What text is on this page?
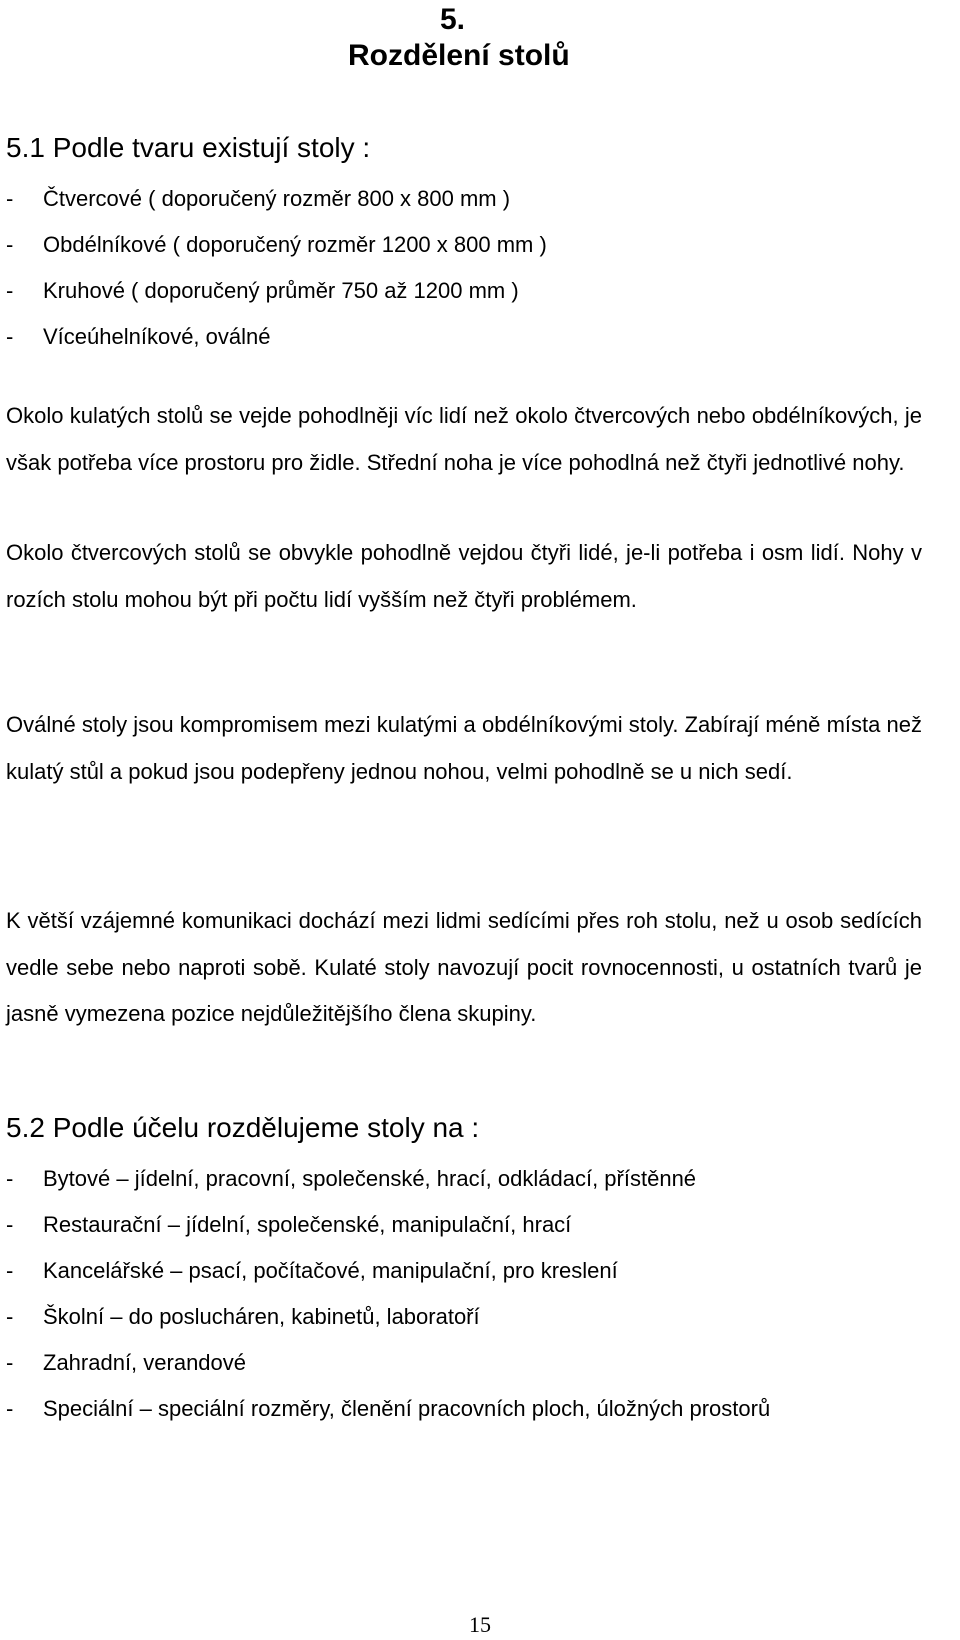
5.
Rozdělení stolů
5.1 Podle tvaru existují stoly :
-	Čtvercové ( doporučený rozměr 800 x 800 mm )
-	Obdélníkové ( doporučený rozměr 1200 x 800 mm )
-	Kruhové ( doporučený průměr 750 až 1200 mm )
-	Víceúhelníkové, oválné

Okolo kulatých stolů se vejde pohodlněji víc lidí než okolo čtvercových nebo obdélníkových, je však potřeba více prostoru pro židle. Střední noha je více pohodlná než čtyři jednotlivé nohy.

Okolo čtvercových stolů se obvykle pohodlně vejdou čtyři lidé, je-li potřeba i osm lidí. Nohy v rozích stolu mohou být při počtu lidí vyšším než čtyři problémem.

Oválné stoly jsou kompromisem mezi kulatými a obdélníkovými stoly. Zabírají méně místa než kulatý stůl a pokud jsou podepřeny jednou nohou, velmi pohodlně se u nich sedí.

K větší vzájemné komunikaci dochází mezi lidmi sedícími přes roh stolu, než u osob sedících vedle sebe nebo naproti sobě. Kulaté stoly navozují pocit rovnocennosti, u ostatních tvarů je jasně vymezena pozice nejdůležitějšího člena skupiny.

5.2 Podle účelu rozdělujeme stoly na :
-	Bytové – jídelní, pracovní, společenské, hrací, odkládací, přístěnné
-	Restaurační – jídelní, společenské, manipulační, hrací
-	Kancelářské – psací, počítačové, manipulační, pro kreslení
-	Školní – do poslucháren, kabinetů, laboratoří
-	Zahradní, verandové
-	Speciální – speciální rozměry, členění pracovních ploch, úložných prostorů
15
